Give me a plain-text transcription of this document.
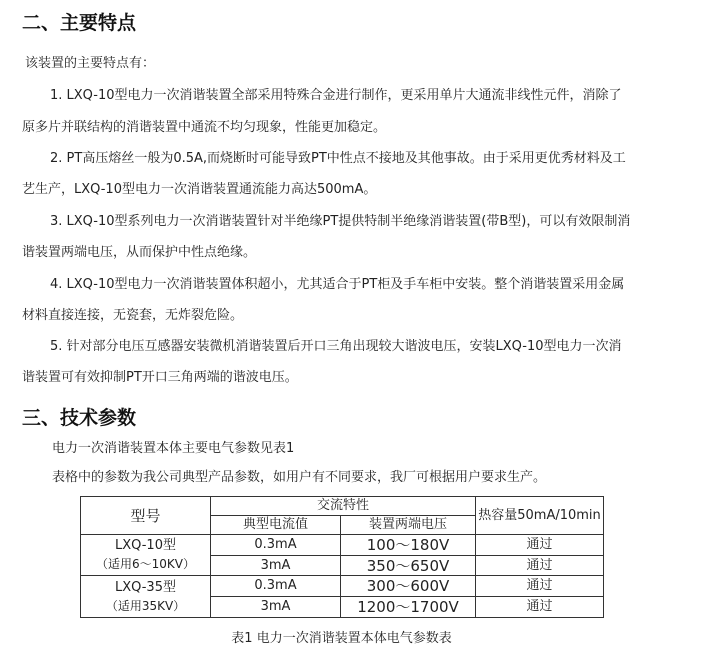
二、主要特点
该装置的主要特点有：
1. LXQ-10型电力一次消谐装置全部采用特殊合金进行制作，更采用单片大通流非线性元件，消除了
原多片并联结构的消谐装置中通流不均匀现象，性能更加稳定。
2. PT高压熔丝一般为0.5A,而烧断时可能导致PT中性点不接地及其他事故。由于采用更优秀材料及工
艺生产，LXQ-10型电力一次消谐装置通流能力高达500mA。
3. LXQ-10型系列电力一次消谐装置针对半绝缘PT提供特制半绝缘消谐装置(带B型)，可以有效限制消
谐装置两端电压，从而保护中性点绝缘。
4. LXQ-10型电力一次消谐装置体积超小，尤其适合于PT柜及手车柜中安装。整个消谐装置采用金属
材料直接连接，无瓷套，无炸裂危险。
5. 针对部分电压互感器安装微机消谐装置后开口三角出现较大谐波电压，安装LXQ-10型电力一次消
谐装置可有效抑制PT开口三角两端的谐波电压。
三、技术参数
电力一次消谐装置本体主要电气参数见表1
表格中的参数为我公司典型产品参数，如用户有不同要求，我厂可根据用户要求生产。
型号	交流特性		热容量50mA/10min
	典型电流值	装置两端电压	

LXQ-10型
（适用6～10KV）	0.3mA	100～180V	通过
	3mA	350～650V	通过

LXQ-35型
（适用35KV）	0.3mA	300～600V	通过
	3mA	1200～1700V	通过
表1 电力一次消谐装置本体电气参数表
